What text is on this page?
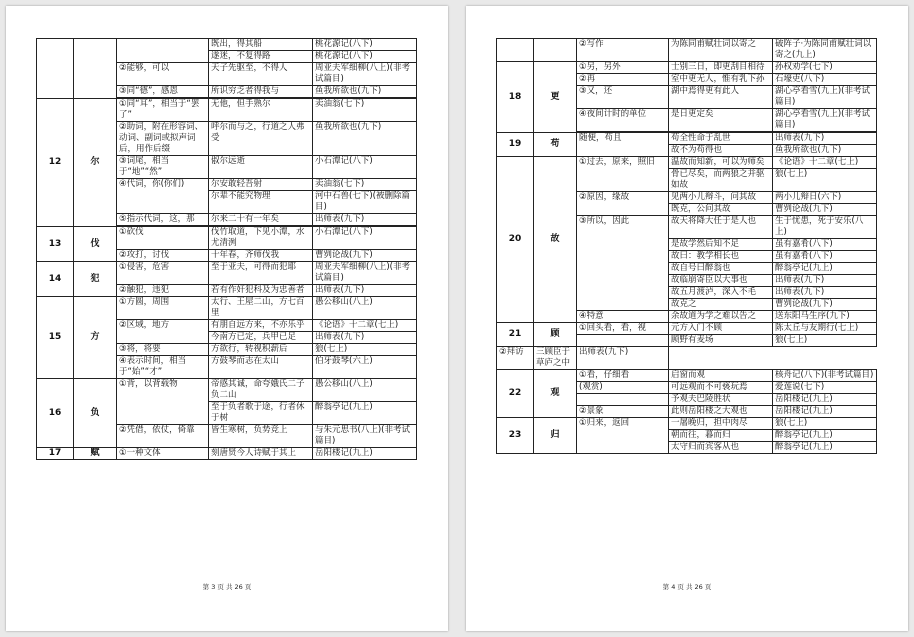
			既出，得其船	桃花源记(八下)
			遂迷，不复得路	桃花源记(八下)
		②能够，可以	天子先驱至，不得人	周亚夫军细柳(八上)(非考试篇目)
		③同“德”，感恩	所识穷乏者得我与	鱼我所欲也(九下)

12	尔	①同“耳”，相当于“罢了”	无他，但手熟尔	卖油翁(七下)
		②助词，附在形容词、动词、副词或拟声词后，用作后缀	呼尔而与之，行道之人弗受	鱼我所欲也(九下)
		③词尾，相当于“地”“然”	俶尔远逝	小石潭记(八下)
		④代词，你(你们)	尔安敢轻吾射	卖油翁(七下)
			尔辈不能究物理	河中石兽(七下)(被删除篇目)
		⑤指示代词，这，那	尔来二十有一年矣	出师表(九下)

13	伐	①砍伐	伐竹取道，下见小潭，水尤清洌	小石潭记(八下)
		②攻打，讨伐	十年春，齐师伐我	曹刿论战(九下)
14	犯	①侵害，危害	至于亚夫，可得而犯耶	周亚夫军细柳(八上)(非考试篇目)
		②触犯，违犯	若有作奸犯科及为忠善者	出师表(九下)
15	方	①方圆，周围	太行、王屋二山，方七百里	愚公移山(八上)
		②区域，地方	有朋自远方来，不亦乐乎	《论语》十二章(七上)
			今南方已定，兵甲已足	出师表(九下)
		③将，将要	方欲行，转视积薪后	狼(七上)
		④表示时间，相当于“始”“才”	方鼓琴而志在太山	伯牙鼓琴(六上)
16	负	①背，以背载物	帝感其诚，命夸娥氏二子负二山	愚公移山(八上)
			至于负者歌于途，行者休于树	醉翁亭记(九上)
		②凭借，依仗，倚靠	皆生寒树，负势竞上	与朱元思书(八上)(非考试篇目)
17	赋	①一种文体	刻唐贤今人诗赋于其上	岳阳楼记(九上)
第 3 页 共 26 页
		②写作	为陈同甫赋壮词以寄之	破阵子·为陈同甫赋壮词以寄之(九上)
18	更	①另，另外	士别三日，即更刮目相待	孙权劝学(七下)
		②再	室中更无人，惟有乳下孙	石壕吏(八下)
		③又，还	湖中焉得更有此人	湖心亭看雪(九上)(非考试篇目)
		④夜间计时的单位	是日更定矣	湖心亭看雪(九上)(非考试篇目)

19	苟	随便，苟且	苟全性命于乱世	出师表(九下)
			故不为苟得也	鱼我所欲也(九下)
20	故	①过去，原来，照旧	温故而知新，可以为师矣	《论语》十二章(七上)
			骨已尽矣，而两狼之并驱如故	狼(七上)
		②原因，缘故	见两小儿辩斗，问其故	两小儿辩日(六下)
			既克，公问其故	曹刿论战(九下)
		③所以，因此	故天将降大任于是人也	生于忧患，死于安乐(八上)
			是故学然后知不足	虽有嘉肴(八下)
			故曰：教学相长也	虽有嘉肴(八下)
			故自号曰醉翁也	醉翁亭记(九上)
			故临崩寄臣以大事也	出师表(九下)
			故五月渡泸，深入不毛	出师表(九下)
			故克之	曹刿论战(九下)
		④特意	余故道为学之难以告之	送东阳马生序(九下)
21	顾	①回头看，看，视	元方入门不顾	陈太丘与友期行(七上)
			顾野有麦场	狼(七上)
②拜访	三顾臣于草庐之中	出师表(九下)		
22	观	①看，仔细看	启窗而观	核舟记(八下)(非考试篇目)
		(观赏)	可远观而不可亵玩焉	爱莲说(七下)
			予观夫巴陵胜状	岳阳楼记(九上)
		②景象	此则岳阳楼之大观也	岳阳楼记(九上)
23	归	①归来，返回	一屠晚归，担中肉尽	狼(七上)
			朝而往，暮而归	醉翁亭记(九上)
			太守归而宾客从也	醉翁亭记(九上)
第 4 页 共 26 页
